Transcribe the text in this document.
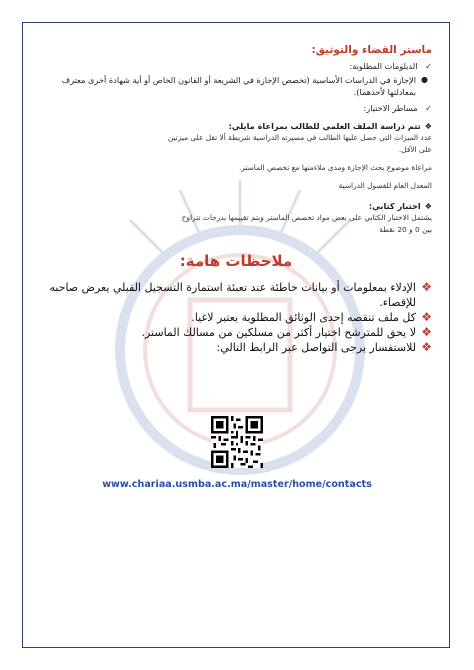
ماستر القضاء والتوثيق:
✓ الدبلومات المطلوبة:
●
الإجازة في الدراسات الأساسية (تخصص الإجازة في الشريعة أو القانون الخاص أو أية شهادة أخرى معترف بمعادلتها لأحدهما).
✓ مساطر الاختيار:
❖تتم دراسة الملف العلمي للطالب بمراعاة مايلي:
عدد الميزات التي حصل عليها الطالب في مسيرته الدراسية شريطة ألا تقل على ميزتين
على الأقل.
مراعاة موضوع بحث الإجازة ومدى ملاءمتها مع تخصص الماستر.
المعدل العام للفصول الدراسية
❖اختبار كتابي:
يشتمل الاختبار الكتابي على بعض مواد تخصص الماستر ويتم تقييمها بدرجات تتراوح
بين 0 و 20 نقطة
ملاحظات هامة:
❖
الإدلاء بمعلومات أو بيانات خاطئة عند تعبئة استمارة التسجيل القبلي يعرض صاحبه للإقصاء.
❖
كل ملف تنقصه إحدى الوثائق المطلوبة يعتبر لاغيا.
❖
لا يحق للمترشح اختيار أكثر من مسلكين من مسالك الماستر.
❖
للاستفسار يرجى التواصل عبر الرابط التالي:
www.chariaa.usmba.ac.ma/master/home/contacts
